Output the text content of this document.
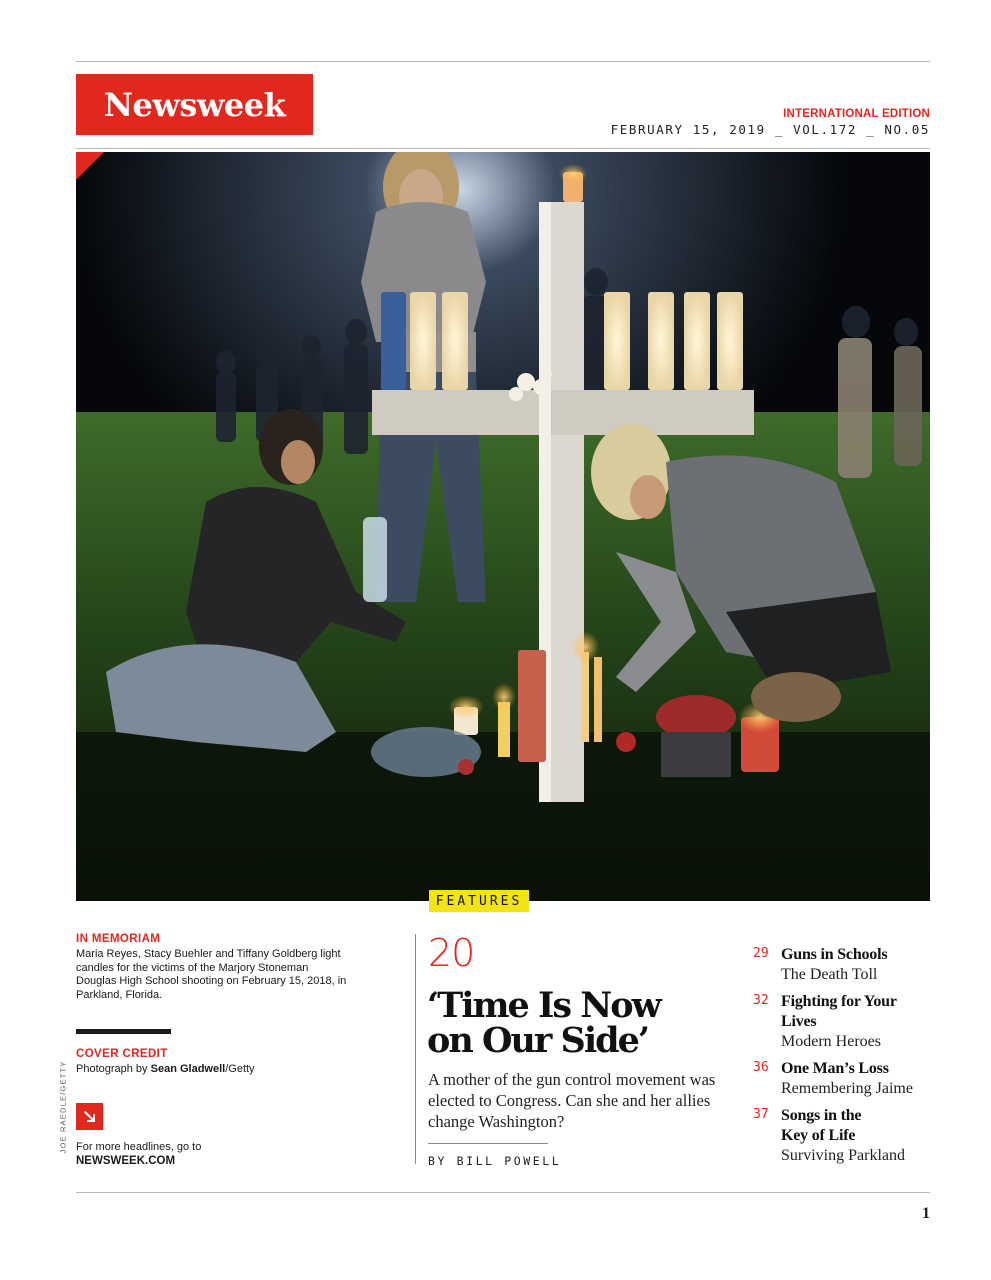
Newsweek	INTERNATIONAL EDITION
FEBRUARY 15, 2019 _ VOL.172 _ NO.05
FEATURES
IN MEMORIAM
Maria Reyes, Stacy Buehler and Tiffany Goldberg light candles for the victims of the Marjory Stoneman Douglas High School shooting on February 15, 2018, in Parkland, Florida.
COVER CREDIT
Photograph by Sean Gladwell/Getty
For more headlines, go to
NEWSWEEK.COM
JOE RAEDLE/GETTY
20
‘Time Is Now
on Our Side’
A mother of the gun control movement was elected to Congress. Can she and her allies change Washington?
BY BILL POWELL
29 Guns in Schools
The Death Toll
32 Fighting for Your Lives
Modern Heroes
36 One Man’s Loss
Remembering Jaime
37 Songs in the Key of Life
Surviving Parkland
1
